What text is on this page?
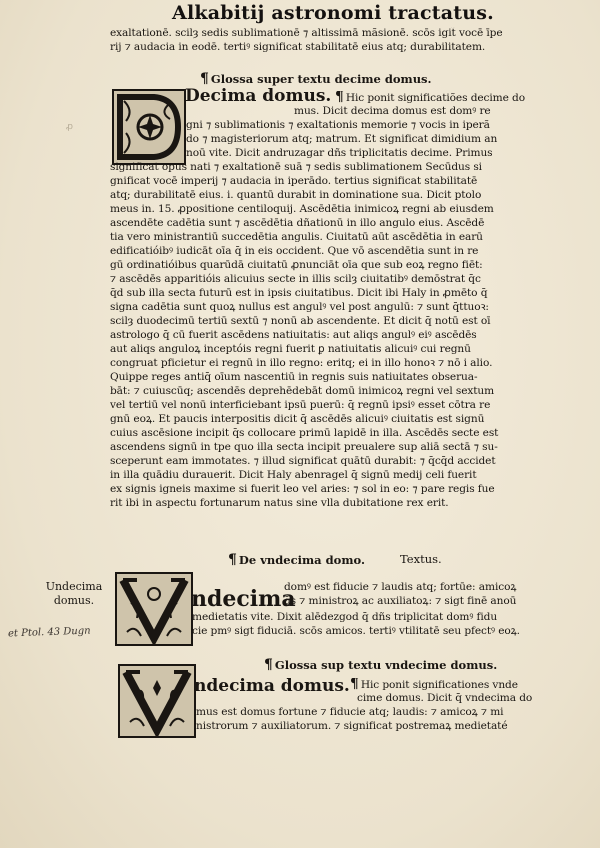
Alkabitij astronomi tractatus.
exaltationē. scilȝ sedis sublimationē ⁊ altissimā mãsionē. scōs igit̃ vocē īpe
rij ⁊ audacia in eodē. tertiꝰ significat stabilitatē eius atq; durabilitatem.
¶ Glossa super textu decime domus.
Decima domus. ¶ Hic ponit significatiões decime do
mus. Dicit decima domus est domꝰ re
gni ⁊ sublimationis ⁊ exaltationis memorie ⁊ vocis in iperã
do ⁊ magisteriorum atq; matrum. Et significat dimidium an
noū vite. Dicit andruzagar dñs triplicitatis decime. Primus
significat opus nati ⁊ exaltationē suā ⁊ sedis sublimationem Secūdus si
gnificat vocē imperij ⁊ audacia in iperādo. tertius significat stabilitatē
atq; durabilitatē eius. i. quantū durabit in dominatione sua. Dicit ptolo
meus in. 15. ꝓpositione centiloquij. Ascēdētia inimicoꝝ regni ab eiusdem
ascendēte cadētia sunt ⁊ ascēdētia dñationū in illo angulo eius. Ascēdē
tia vero ministrantiū succedētia angulis. Ciuitatū aūt ascēdētia in earū
edificatióibꝰ iudicāt oīa q̄ in eis occident. Que vō ascendētia sunt in re
gū ordinatióibus quarūdā ciuitatū ꝓnunciāt oīa que sub eoꝝ regno fiēt:
⁊ ascēdēs apparitióis alicuius secte in illis scilȝ ciuitatibꝰ demōstrat q̄c
q̄d sub illa secta futurū est in ipsis ciuitatibus. Dicit ibi Haly in ꝓmēto q̄
signa cadētia sunt quoꝝ nullus est angulꝰ vel post angulū: ⁊ sunt q̄ttuoꝛ:
scilȝ duodecimū tertiū sextū ⁊ nonū ab ascendente. Et dicit q̄ notū est oī
astrologo q̄ cū fuerit ascēdens natiuitatis: aut aliqs angulꝰ eiꝰ ascēdēs
aut aliqs anguloꝝ inceptóis regni fuerit ꝑ natiuitatis alicuiꝰ cui regnū
congruat pficietur ei regnū in illo regno: eritq; ei in illo honoꝛ ⁊ nō i alio.
Quippe reges antiq̄ oīum nascentiū in regnis suis natiuitates obserua-
bāt: ⁊ cuiuscūq; ascendēs deprehēdebāt domū inimicoꝝ regni vel sextum
vel tertiū vel nonū interficiebant ipsū puerū: q̄ regnū ipsiꝰ esset cōtra re
gnū eoꝝ. Et paucis interpositis dicit q̄ ascēdēs alicuiꝰ ciuitatis est signū
cuius ascēsione incipit q̄s collocare primū lapidē in illa. Ascēdēs secte est
ascendens signū in tpe quo illa secta incipit preualere sup aliā sectā ⁊ su-
sceperunt eam immotates. ⁊ illud significat quātū durabit: ⁊ q̄cq̄d accidet
in illa quādiu durauerit. Dicit Haly abenragel q̄ signū medij celi fuerit
ex signis igneis maxime si fuerit leo vel aries: ⁊ sol in eo: ⁊ pare regis fue
rit ibi in aspectu fortunarum natus sine vlla dubitatione rex erit.
ꝓ
¶ De vndecima domo.	Textus.
Undecima
domus.
et Ptol. 43 Dugn
ndecima
domꝰ est fiducie ⁊ laudis atq; fortūe: amicoꝝ
q̄s ⁊ ministroꝝ ac auxiliatoꝝ: ⁊ sigt finē anoū
medietatis vite. Dixit alēdezgod q̄ dñs triplicitat̄ domꝰ fidu
cie pmꝰ sigt fiduciā. scōs amicos. tertiꝰ vtilitatē seu pfectꝰ eoꝝ.
¶ Glossa sup textu vndecime domus.
ndecima domus. ¶ Hic ponit significationes vnde
cime domus. Dicit q̄ vndecima do
mus est domus fortune ⁊ fiducie atq; laudis: ⁊ amicoꝝ ⁊ mi
nistrorum ⁊ auxiliatorum. ⁊ significat postremaꝝ medietaté
